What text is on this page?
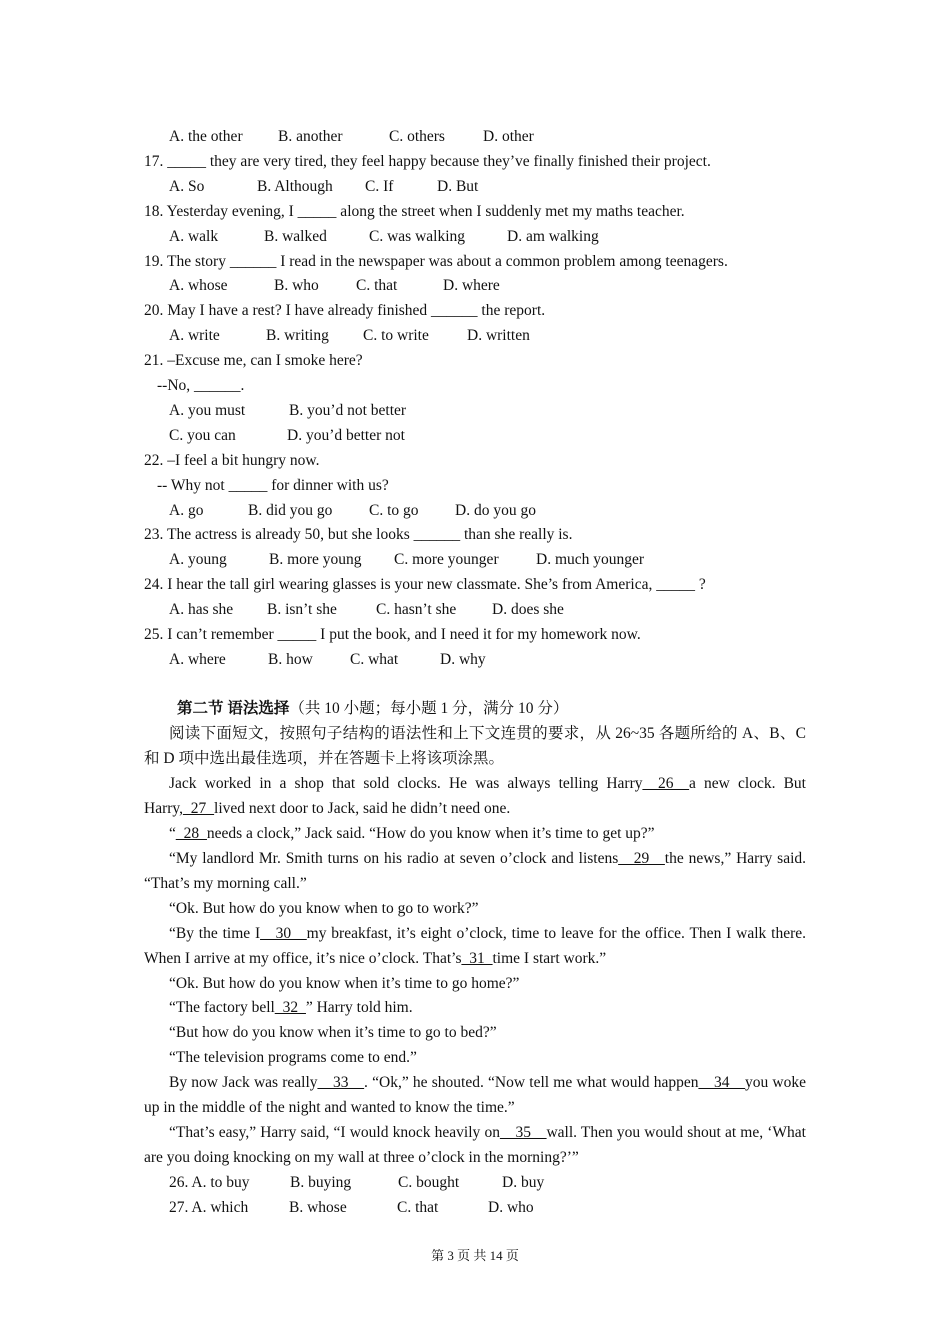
A. the other B. another	C. others D. other
17. _____ they are very tired, they feel happy because they’ve finally finished their project.
A. So	B. Although C. If	D. But
18. Yesterday evening, I _____ along the street when I suddenly met my maths teacher.
A. walk	B. walked	C. was walking	D. am walking
19. The story ______ I read in the newspaper was about a common problem among teenagers.
A. whose	B. who C. that	D. where
20. May I have a rest? I have already finished ______ the report.
A. write	B. writing C. to write D. written
21. –Excuse me, can I smoke here?
--No, ______.
A. you must	B. you’d not better
C. you can	D. you’d better not
22. –I feel a bit hungry now.
-- Why not _____ for dinner with us?
A. go	B. did you go C. to go D. do you go
23. The actress is already 50, but she looks ______ than she really is.
A. young	B. more young C. more younger D. much younger
24. I hear the tall girl wearing glasses is your new classmate. She’s from America, _____ ?
A. has she B. isn’t she	C. hasn’t she D. does she
25. I can’t remember _____ I put the book, and I need it for my homework now.
A. where	B. how C. what	D. why
第二节 语法选择（共 10 小题；每小题 1 分，满分 10 分）

阅读下面短文，按照句子结构的语法性和上下文连贯的要求，从 26~35 各题所给的 A、B、C 和 D 项中选出最佳选项，并在答题卡上将该项涂黑。

Jack worked in a shop that sold clocks. He was always telling Harry__26__a new clock. But Harry,_27_lived next door to Jack, said he didn’t need one.

“_28_needs a clock,” Jack said. “How do you know when it’s time to get up?”

“My landlord Mr. Smith turns on his radio at seven o’clock and listens__29__the news,” Harry said. “That’s my morning call.”

“Ok. But how do you know when to go to work?”

“By the time I__30__my breakfast, it’s eight o’clock, time to leave for the office. Then I walk there. When I arrive at my office, it’s nice o’clock. That’s_31_time I start work.”

“Ok. But how do you know when it’s time to go home?”

“The factory bell_32_” Harry told him.

“But how do you know when it’s time to go to bed?”

“The television programs come to end.”

By now Jack was really__33__. “Ok,” he shouted. “Now tell me what would happen__34__you woke up in the middle of the night and wanted to know the time.”

“That’s easy,” Harry said, “I would knock heavily on__35__wall. Then you would shout at me, ‘What are you doing knocking on my wall at three o’clock in the morning?’”

26. A. to buy	B. buying	C. bought	D. buy
27. A. which	B. whose	C. that	D. who
第 3 页 共 14 页
